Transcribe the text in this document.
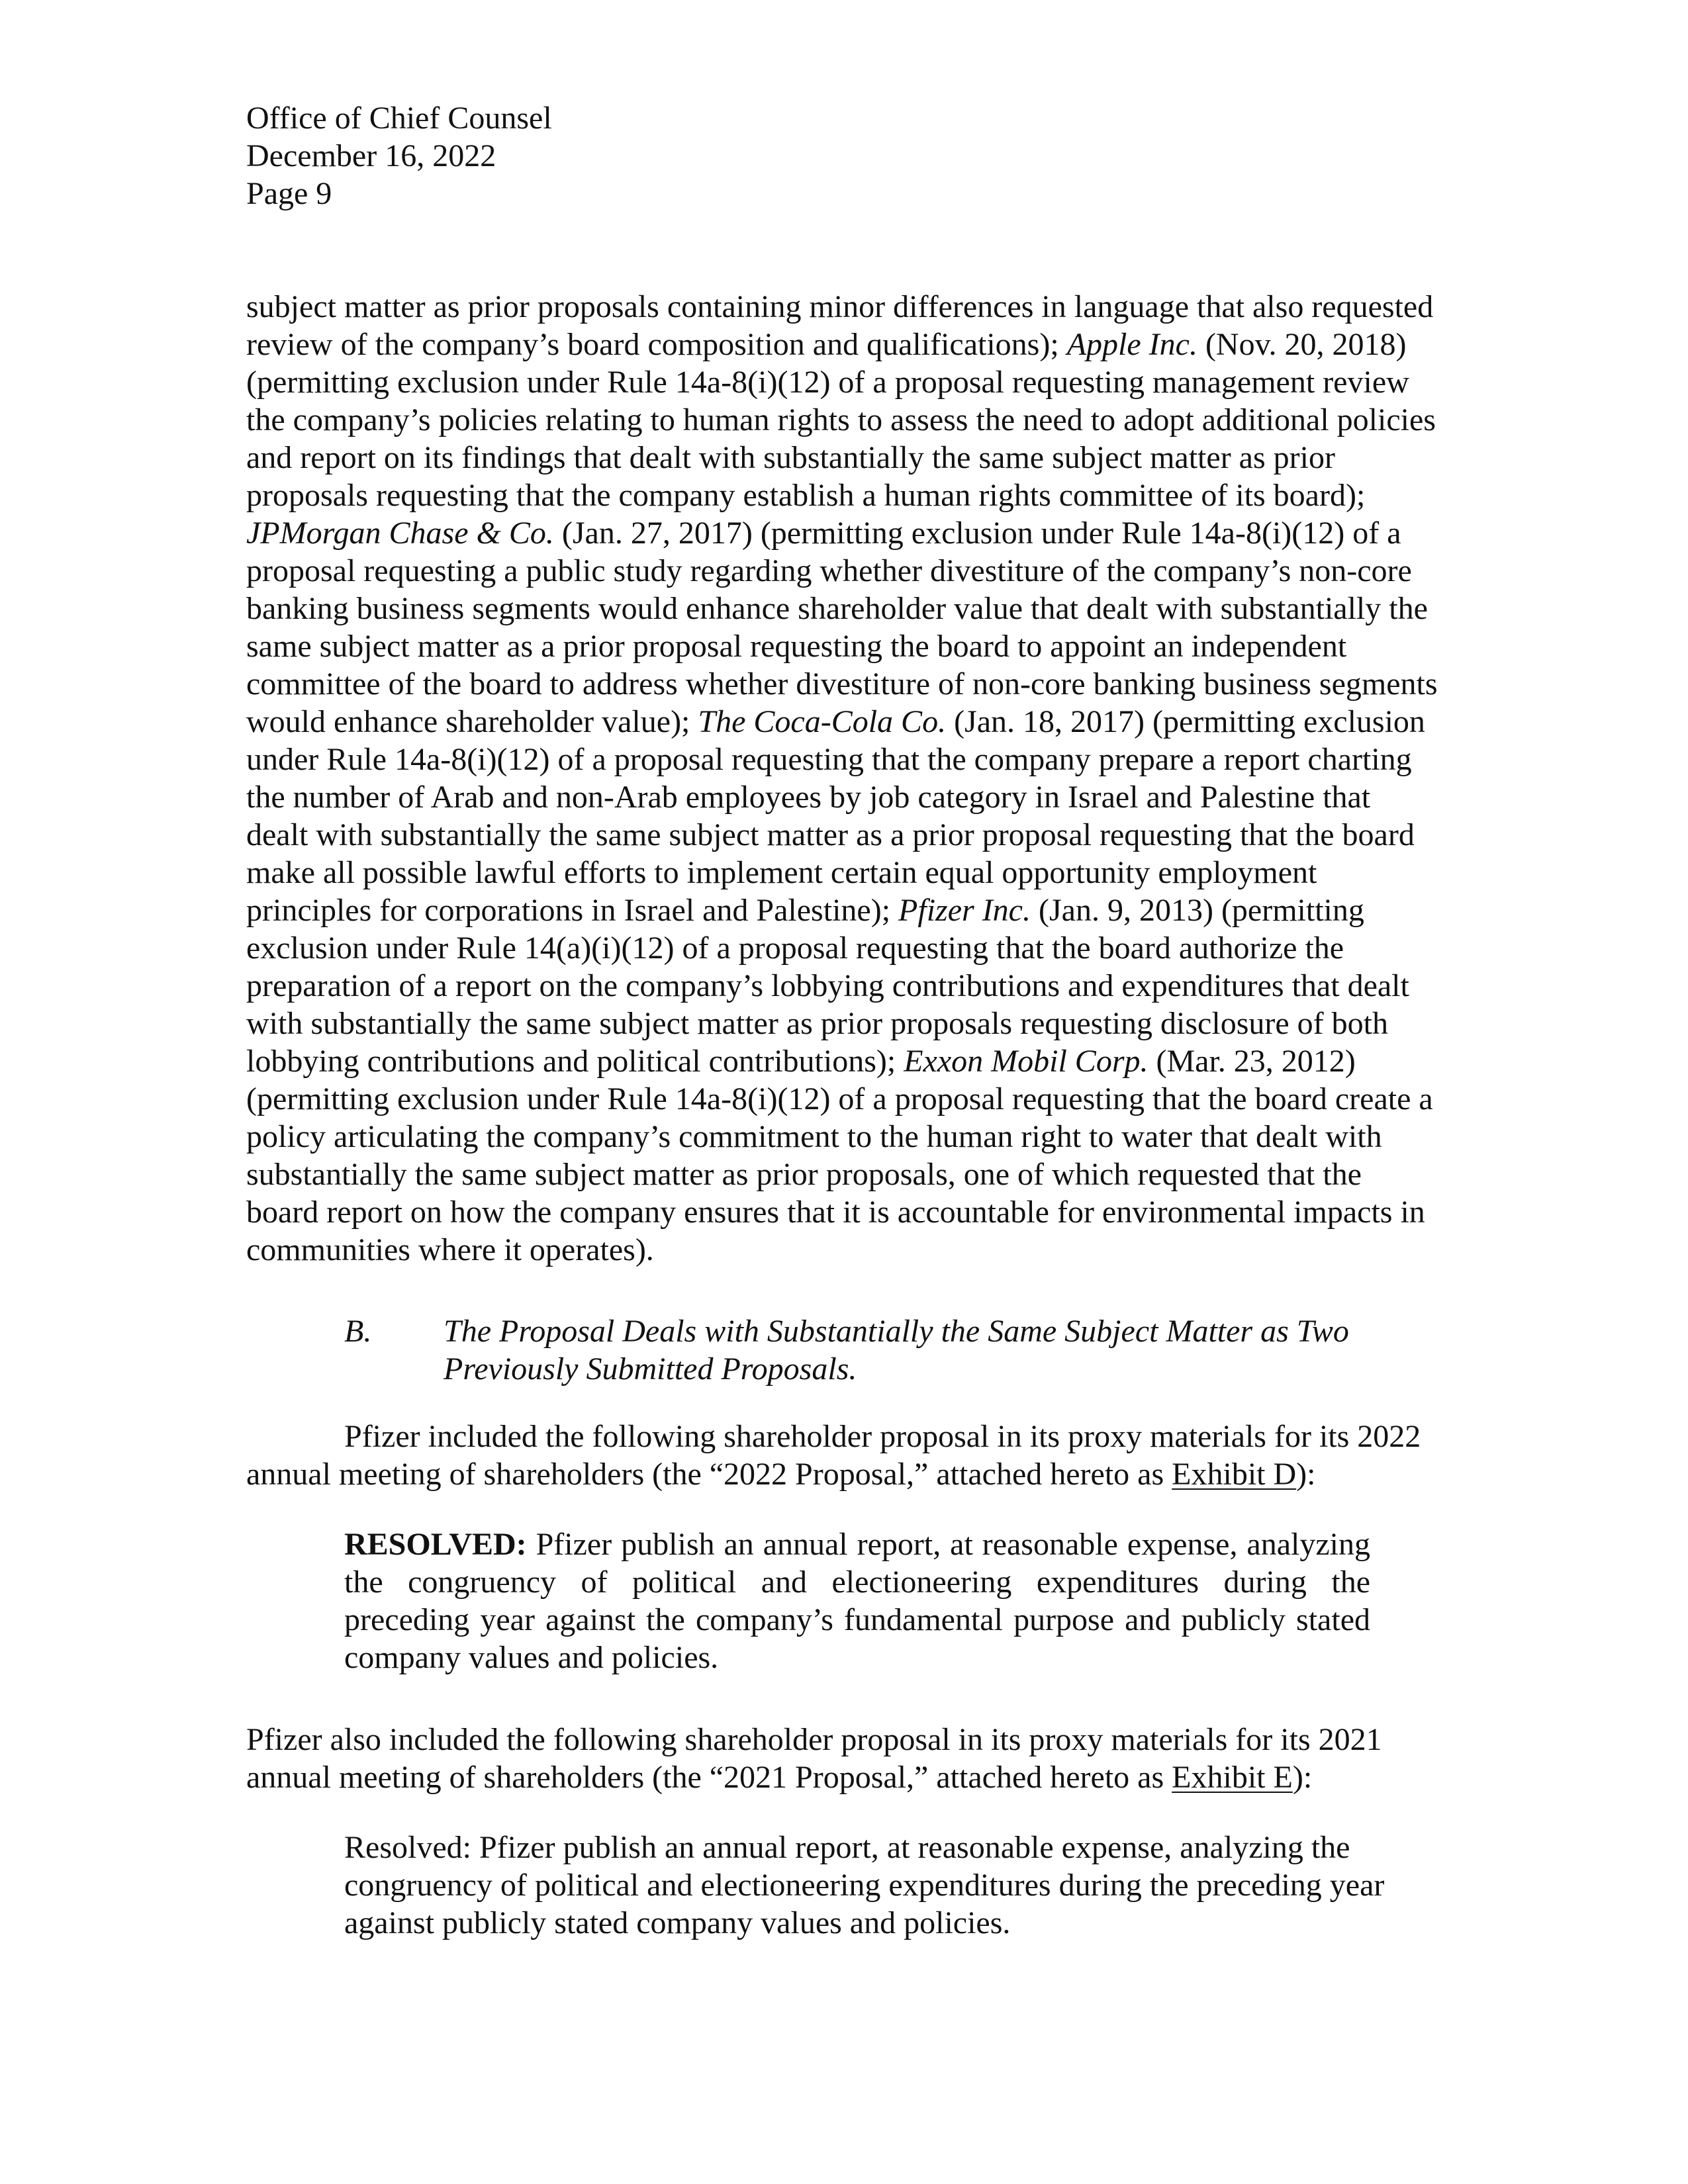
Office of Chief Counsel
December 16, 2022
Page 9
subject matter as prior proposals containing minor differences in language that also requested
review of the company’s board composition and qualifications); Apple Inc. (Nov. 20, 2018)
(permitting exclusion under Rule 14a-8(i)(12) of a proposal requesting management review
the company’s policies relating to human rights to assess the need to adopt additional policies
and report on its findings that dealt with substantially the same subject matter as prior
proposals requesting that the company establish a human rights committee of its board);
JPMorgan Chase & Co. (Jan. 27, 2017) (permitting exclusion under Rule 14a-8(i)(12) of a
proposal requesting a public study regarding whether divestiture of the company’s non-core
banking business segments would enhance shareholder value that dealt with substantially the
same subject matter as a prior proposal requesting the board to appoint an independent
committee of the board to address whether divestiture of non-core banking business segments
would enhance shareholder value); The Coca-Cola Co. (Jan. 18, 2017) (permitting exclusion
under Rule 14a-8(i)(12) of a proposal requesting that the company prepare a report charting
the number of Arab and non-Arab employees by job category in Israel and Palestine that
dealt with substantially the same subject matter as a prior proposal requesting that the board
make all possible lawful efforts to implement certain equal opportunity employment
principles for corporations in Israel and Palestine); Pfizer Inc. (Jan. 9, 2013) (permitting
exclusion under Rule 14(a)(i)(12) of a proposal requesting that the board authorize the
preparation of a report on the company’s lobbying contributions and expenditures that dealt
with substantially the same subject matter as prior proposals requesting disclosure of both
lobbying contributions and political contributions); Exxon Mobil Corp. (Mar. 23, 2012)
(permitting exclusion under Rule 14a-8(i)(12) of a proposal requesting that the board create a
policy articulating the company’s commitment to the human right to water that dealt with
substantially the same subject matter as prior proposals, one of which requested that the
board report on how the company ensures that it is accountable for environmental impacts in
communities where it operates).
B. The Proposal Deals with Substantially the Same Subject Matter as Two
Previously Submitted Proposals.
Pfizer included the following shareholder proposal in its proxy materials for its 2022
annual meeting of shareholders (the “2022 Proposal,” attached hereto as Exhibit D):
RESOLVED: Pfizer publish an annual report, at reasonable expense, analyzing
the congruency of political and electioneering expenditures during the
preceding year against the company’s fundamental purpose and publicly stated
company values and policies.
Pfizer also included the following shareholder proposal in its proxy materials for its 2021
annual meeting of shareholders (the “2021 Proposal,” attached hereto as Exhibit E):
Resolved: Pfizer publish an annual report, at reasonable expense, analyzing the
congruency of political and electioneering expenditures during the preceding year
against publicly stated company values and policies.
